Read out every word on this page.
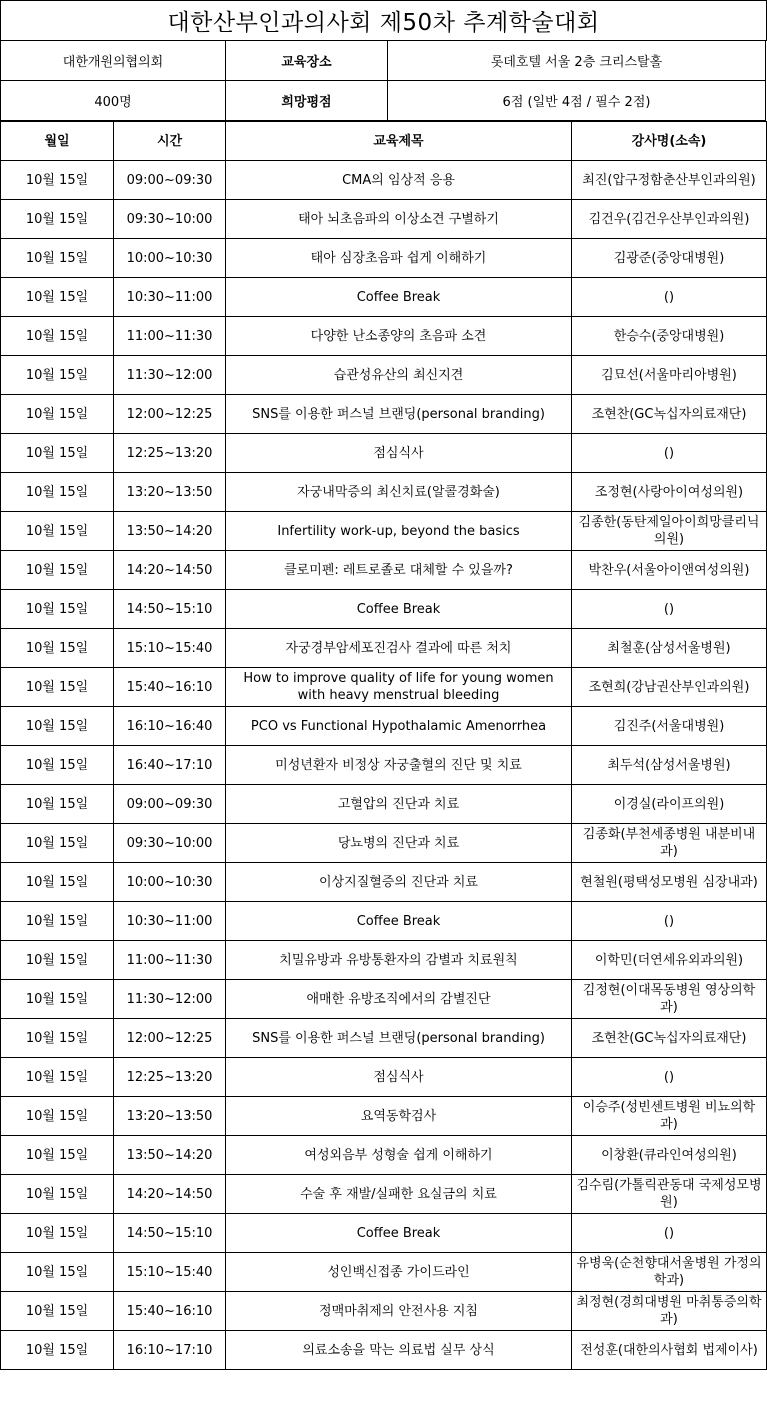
대한산부인과의사회 제50차 추계학술대회
대한개원의협의회	교육장소	롯데호텔 서울 2층 크리스탈홀
400명	희망평점	6점 (일반 4점 / 필수 2점)
월일	시간	교육제목	강사명(소속)
10월 15일	09:00~09:30	CMA의 임상적 응용	최진(압구정함춘산부인과의원)
10월 15일	09:30~10:00	태아 뇌초음파의 이상소견 구별하기	김건우(김건우산부인과의원)
10월 15일	10:00~10:30	태아 심장초음파 쉽게 이해하기	김광준(중앙대병원)
10월 15일	10:30~11:00	Coffee Break	()
10월 15일	11:00~11:30	다양한 난소종양의 초음파 소견	한승수(중앙대병원)
10월 15일	11:30~12:00	습관성유산의 최신지견	김묘선(서울마리아병원)
10월 15일	12:00~12:25	SNS를 이용한 퍼스널 브랜딩(personal branding)	조현찬(GC녹십자의료재단)
10월 15일	12:25~13:20	점심식사	()
10월 15일	13:20~13:50	자궁내막증의 최신치료(알콜경화술)	조정현(사랑아이여성의원)
10월 15일	13:50~14:20	Infertility work-up, beyond the basics	김종한(동탄제일아이희망클리닉의원)
10월 15일	14:20~14:50	클로미펜: 레트로졸로 대체할 수 있을까?	박찬우(서울아이앤여성의원)
10월 15일	14:50~15:10	Coffee Break	()
10월 15일	15:10~15:40	자궁경부암세포진검사 결과에 따른 처치	최철훈(삼성서울병원)
10월 15일	15:40~16:10	How to improve quality of life for young women with heavy menstrual bleeding	조현희(강남권산부인과의원)
10월 15일	16:10~16:40	PCO vs Functional Hypothalamic Amenorrhea	김진주(서울대병원)
10월 15일	16:40~17:10	미성년환자 비정상 자궁출혈의 진단 및 치료	최두석(삼성서울병원)
10월 15일	09:00~09:30	고혈압의 진단과 치료	이경실(라이프의원)
10월 15일	09:30~10:00	당뇨병의 진단과 치료	김종화(부천세종병원 내분비내과)
10월 15일	10:00~10:30	이상지질혈증의 진단과 치료	현철원(평택성모병원 심장내과)
10월 15일	10:30~11:00	Coffee Break	()
10월 15일	11:00~11:30	치밀유방과 유방통환자의 감별과 치료원칙	이학민(더연세유외과의원)
10월 15일	11:30~12:00	애매한 유방조직에서의 감별진단	김정현(이대목동병원 영상의학과)
10월 15일	12:00~12:25	SNS를 이용한 퍼스널 브랜딩(personal branding)	조현찬(GC녹십자의료재단)
10월 15일	12:25~13:20	점심식사	()
10월 15일	13:20~13:50	요역동학검사	이승주(성빈센트병원 비뇨의학과)
10월 15일	13:50~14:20	여성외음부 성형술 쉽게 이해하기	이창환(큐라인여성의원)
10월 15일	14:20~14:50	수술 후 재발/실패한 요실금의 치료	김수림(가톨릭관동대 국제성모병원)
10월 15일	14:50~15:10	Coffee Break	()
10월 15일	15:10~15:40	성인백신접종 가이드라인	유병욱(순천향대서울병원 가정의학과)
10월 15일	15:40~16:10	정맥마취제의 안전사용 지침	최정현(경희대병원 마취통증의학과)
10월 15일	16:10~17:10	의료소송을 막는 의료법 실무 상식	전성훈(대한의사협회 법제이사)
